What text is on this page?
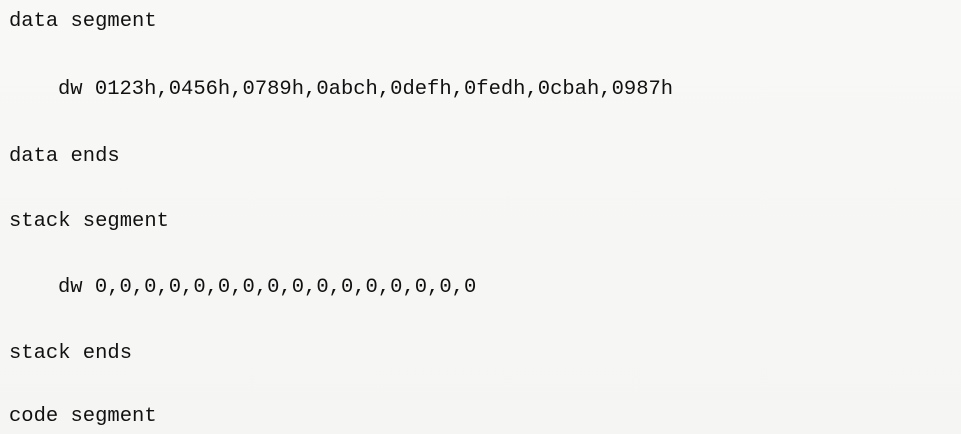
data segment
dw 0123h,0456h,0789h,0abch,0defh,0fedh,0cbah,0987h
data ends
stack segment
dw 0,0,0,0,0,0,0,0,0,0,0,0,0,0,0,0
stack ends
code segment
